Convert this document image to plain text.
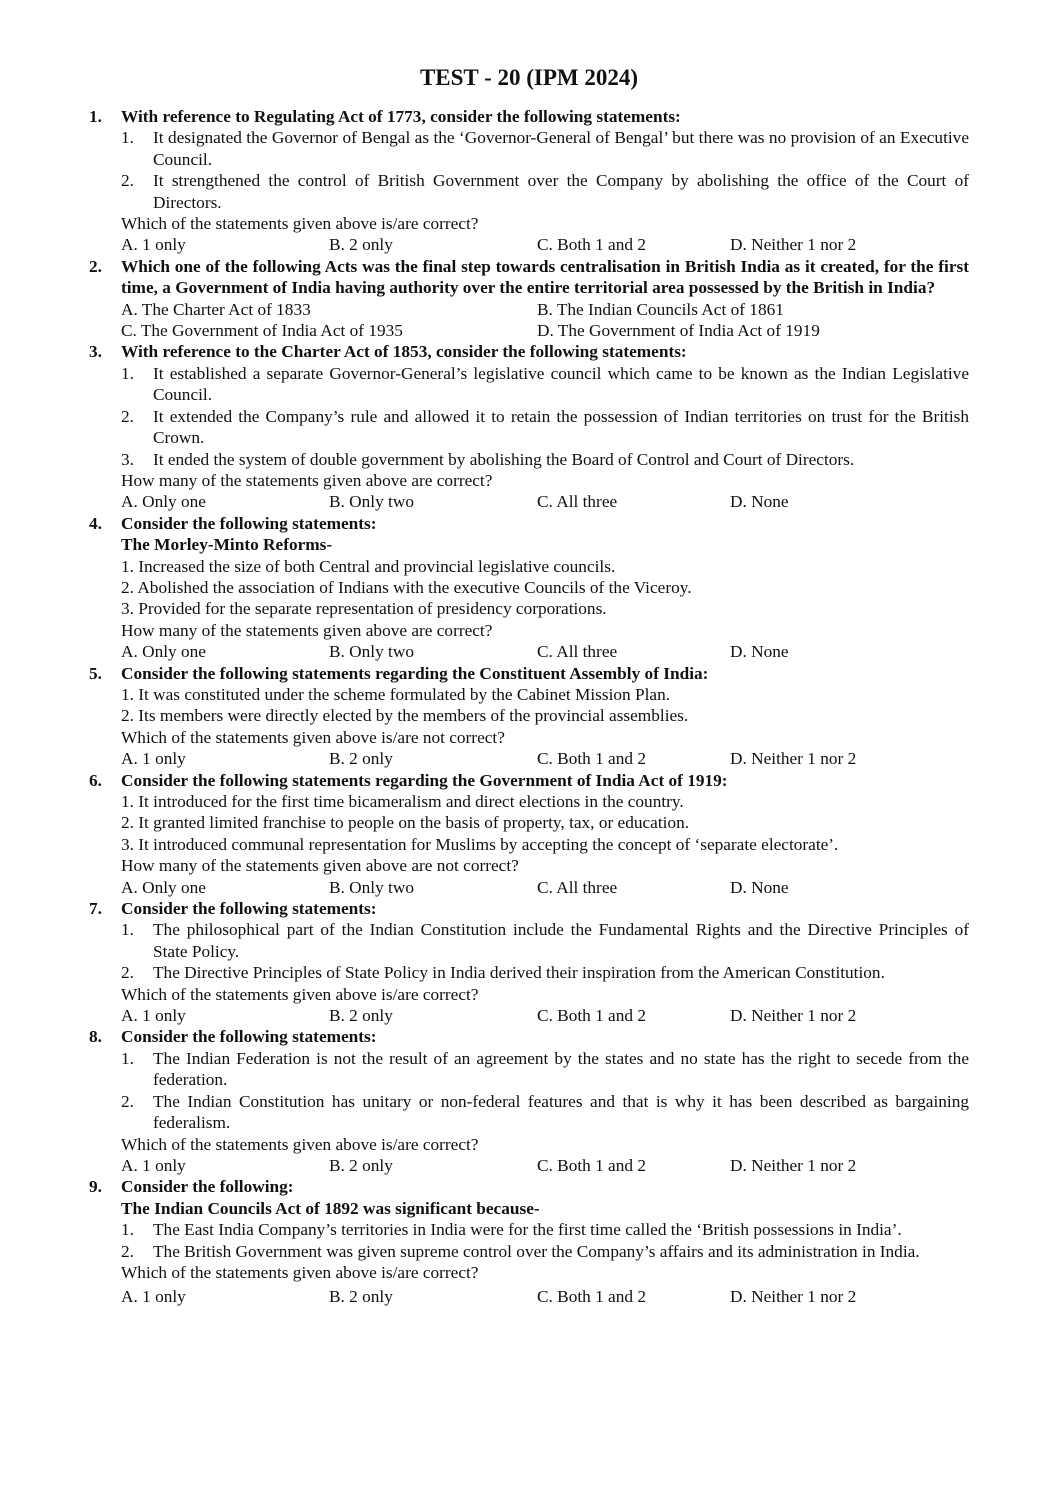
TEST - 20 (IPM 2024)
1. With reference to Regulating Act of 1773, consider the following statements:
1. It designated the Governor of Bengal as the ‘Governor-General of Bengal’ but there was no provision of an Executive Council.
2. It strengthened the control of British Government over the Company by abolishing the office of the Court of Directors.
Which of the statements given above is/are correct?
A. 1 only	B. 2 only	C. Both 1 and 2	D. Neither 1 nor 2
2. Which one of the following Acts was the final step towards centralisation in British India as it created, for the first time, a Government of India having authority over the entire territorial area possessed by the British in India?
A. The Charter Act of 1833	B. The Indian Councils Act of 1861
C. The Government of India Act of 1935	D. The Government of India Act of 1919
3. With reference to the Charter Act of 1853, consider the following statements:
1. It established a separate Governor-General’s legislative council which came to be known as the Indian Legislative Council.
2. It extended the Company’s rule and allowed it to retain the possession of Indian territories on trust for the British Crown.
3. It ended the system of double government by abolishing the Board of Control and Court of Directors.
How many of the statements given above are correct?
A. Only one	B. Only two	C. All three	D. None
4. Consider the following statements:
The Morley-Minto Reforms-
1. Increased the size of both Central and provincial legislative councils.
2. Abolished the association of Indians with the executive Councils of the Viceroy.
3. Provided for the separate representation of presidency corporations.
How many of the statements given above are correct?
A. Only one	B. Only two	C. All three	D. None
5. Consider the following statements regarding the Constituent Assembly of India:
1. It was constituted under the scheme formulated by the Cabinet Mission Plan.
2. Its members were directly elected by the members of the provincial assemblies.
Which of the statements given above is/are not correct?
A. 1 only	B. 2 only	C. Both 1 and 2	D. Neither 1 nor 2
6. Consider the following statements regarding the Government of India Act of 1919:
1. It introduced for the first time bicameralism and direct elections in the country.
2. It granted limited franchise to people on the basis of property, tax, or education.
3. It introduced communal representation for Muslims by accepting the concept of ‘separate electorate’.
How many of the statements given above are not correct?
A. Only one	B. Only two	C. All three	D. None
7. Consider the following statements:
1. The philosophical part of the Indian Constitution include the Fundamental Rights and the Directive Principles of State Policy.
2. The Directive Principles of State Policy in India derived their inspiration from the American Constitution.
Which of the statements given above is/are correct?
A. 1 only	B. 2 only	C. Both 1 and 2	D. Neither 1 nor 2
8. Consider the following statements:
1. The Indian Federation is not the result of an agreement by the states and no state has the right to secede from the federation.
2. The Indian Constitution has unitary or non-federal features and that is why it has been described as bargaining federalism.
Which of the statements given above is/are correct?
A. 1 only	B. 2 only	C. Both 1 and 2	D. Neither 1 nor 2
9. Consider the following:
The Indian Councils Act of 1892 was significant because-
1. The East India Company’s territories in India were for the first time called the ‘British possessions in India’.
2. The British Government was given supreme control over the Company’s affairs and its administration in India.
Which of the statements given above is/are correct?
A. 1 only	B. 2 only	C. Both 1 and 2	D. Neither 1 nor 2
